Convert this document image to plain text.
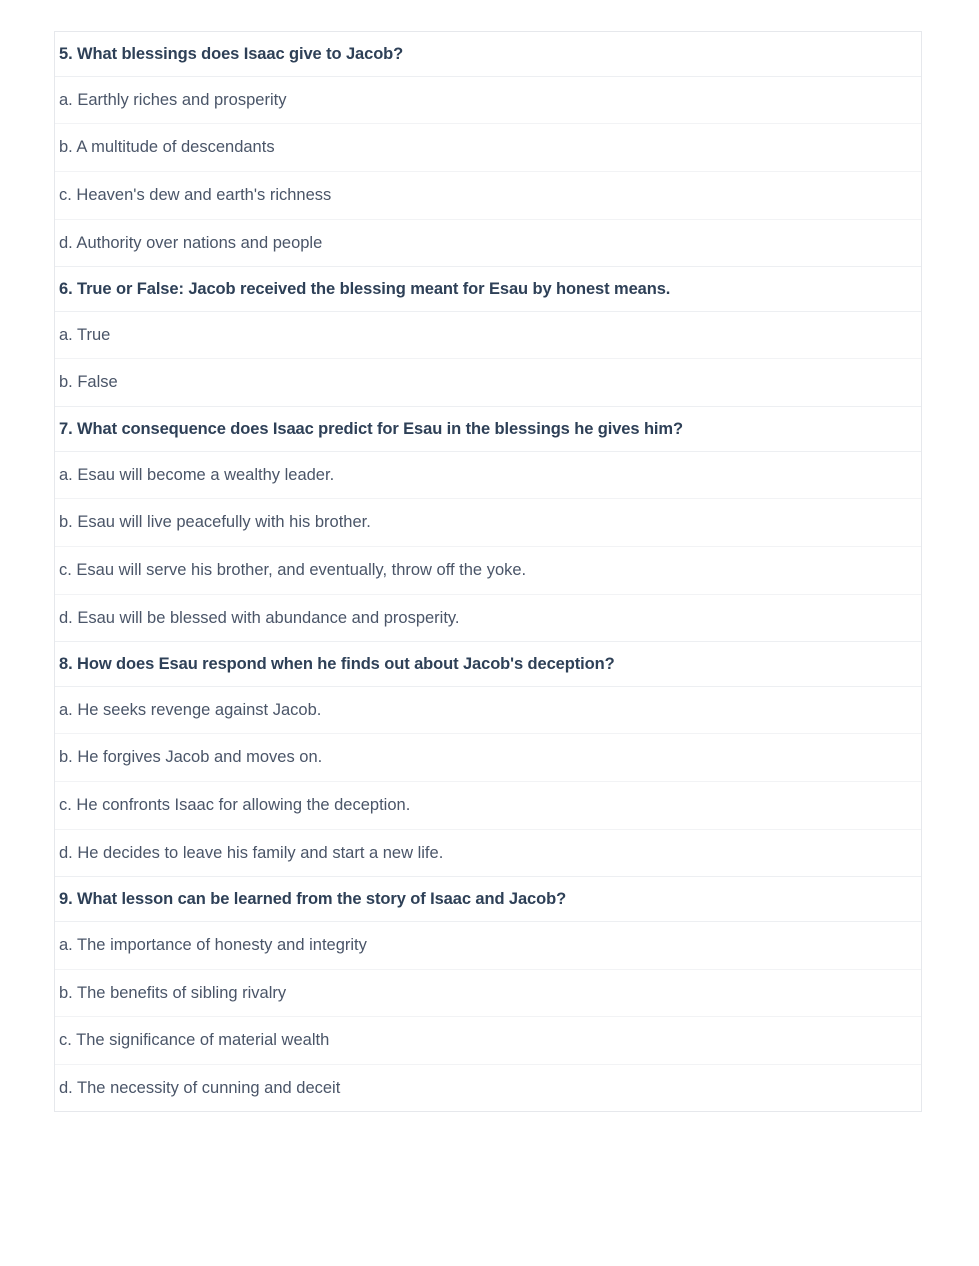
5. What blessings does Isaac give to Jacob?
a. Earthly riches and prosperity
b. A multitude of descendants
c. Heaven's dew and earth's richness
d. Authority over nations and people
6. True or False: Jacob received the blessing meant for Esau by honest means.
a. True
b. False
7. What consequence does Isaac predict for Esau in the blessings he gives him?
a. Esau will become a wealthy leader.
b. Esau will live peacefully with his brother.
c. Esau will serve his brother, and eventually, throw off the yoke.
d. Esau will be blessed with abundance and prosperity.
8. How does Esau respond when he finds out about Jacob's deception?
a. He seeks revenge against Jacob.
b. He forgives Jacob and moves on.
c. He confronts Isaac for allowing the deception.
d. He decides to leave his family and start a new life.
9. What lesson can be learned from the story of Isaac and Jacob?
a. The importance of honesty and integrity
b. The benefits of sibling rivalry
c. The significance of material wealth
d. The necessity of cunning and deceit
